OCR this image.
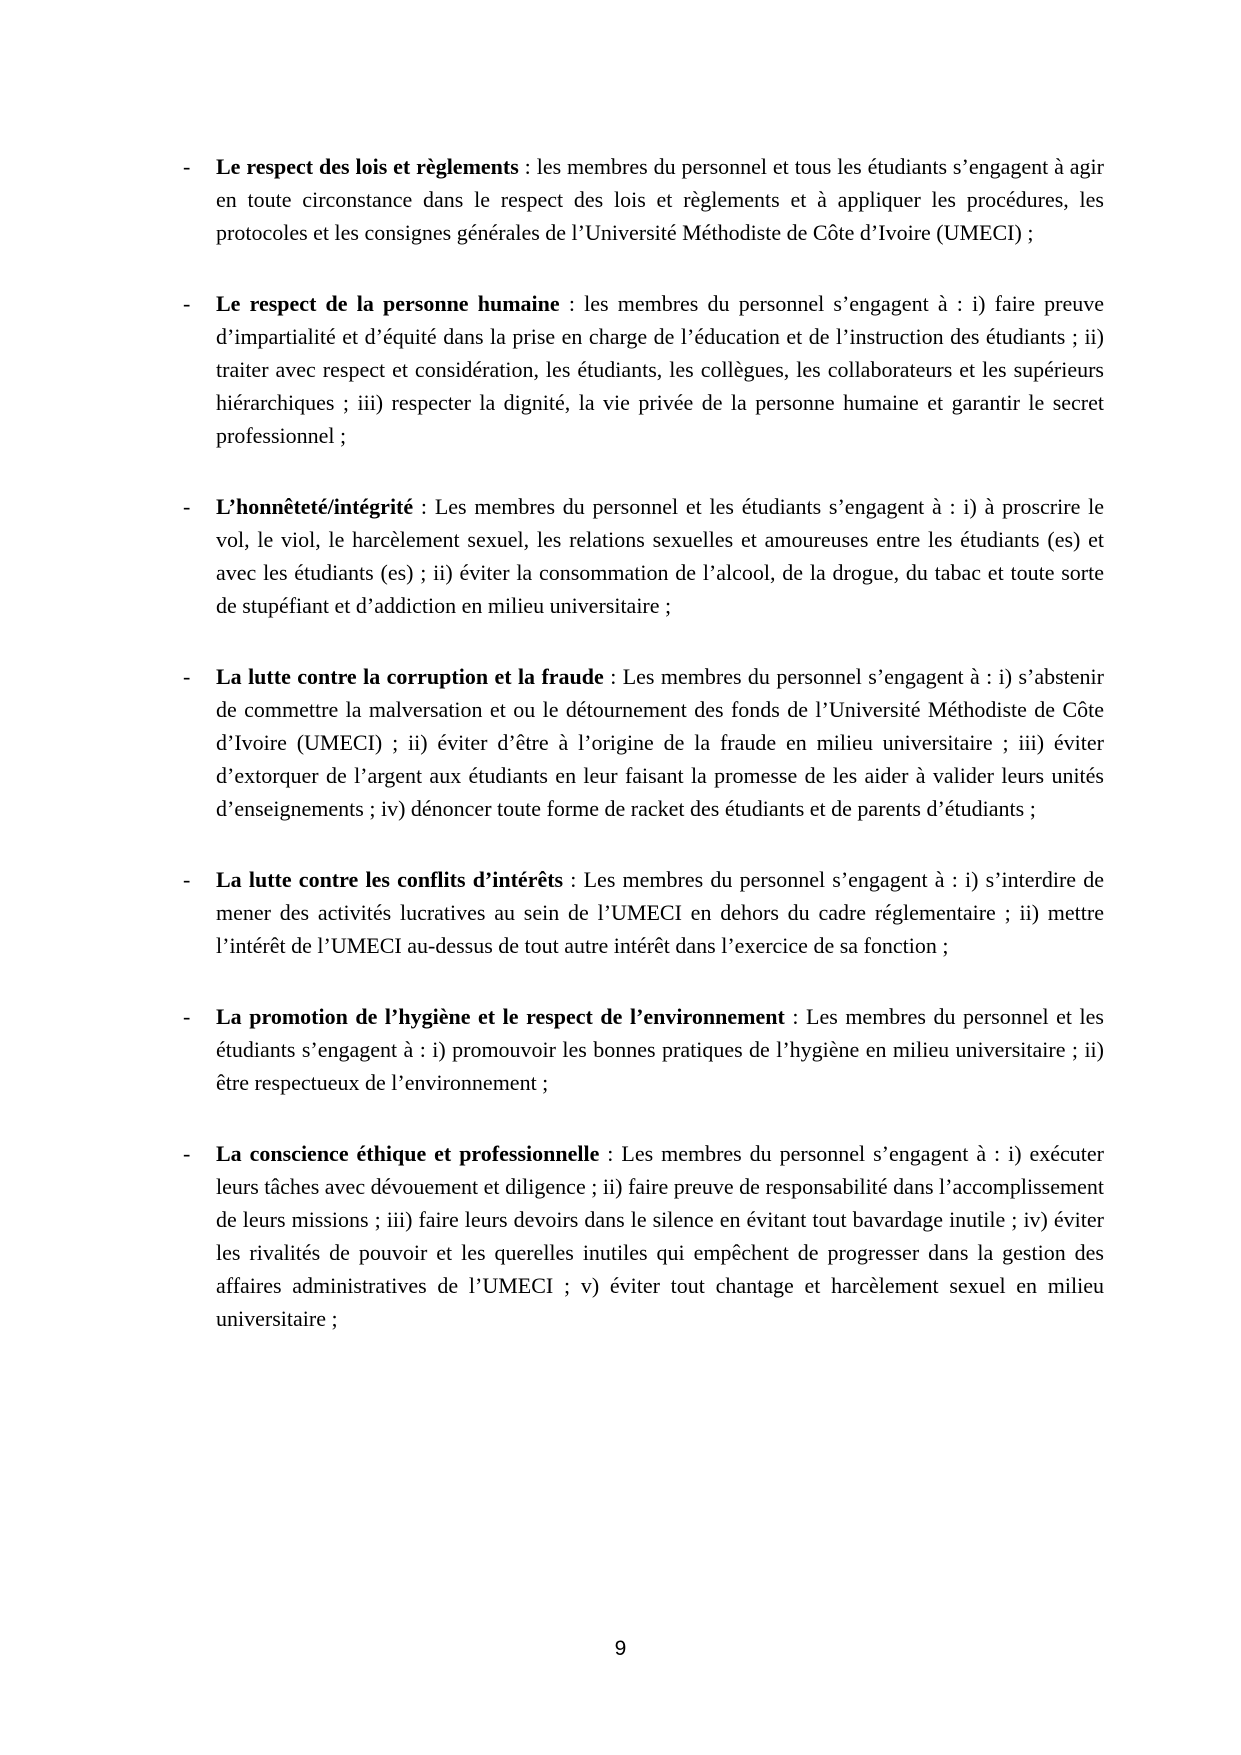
- Le respect des lois et règlements : les membres du personnel et tous les étudiants s’engagent à agir en toute circonstance dans le respect des lois et règlements et à appliquer les procédures, les protocoles et les consignes générales de l’Université Méthodiste de Côte d’Ivoire (UMECI) ;

- Le respect de la personne humaine : les membres du personnel s’engagent à : i) faire preuve d’impartialité et d’équité dans la prise en charge de l’éducation et de l’instruction des étudiants ; ii) traiter avec respect et considération, les étudiants, les collègues, les collaborateurs et les supérieurs hiérarchiques ; iii) respecter la dignité, la vie privée de la personne humaine et garantir le secret professionnel ;

- L’honnêteté/intégrité : Les membres du personnel et les étudiants s’engagent à : i) à proscrire le vol, le viol, le harcèlement sexuel, les relations sexuelles et amoureuses entre les étudiants (es) et avec les étudiants (es) ; ii) éviter la consommation de l’alcool, de la drogue, du tabac et toute sorte de stupéfiant et d’addiction en milieu universitaire ;

- La lutte contre la corruption et la fraude : Les membres du personnel s’engagent à : i) s’abstenir de commettre la malversation et ou le détournement des fonds de l’Université Méthodiste de Côte d’Ivoire (UMECI) ; ii) éviter d’être à l’origine de la fraude en milieu universitaire ; iii) éviter d’extorquer de l’argent aux étudiants en leur faisant la promesse de les aider à valider leurs unités d’enseignements ; iv) dénoncer toute forme de racket des étudiants et de parents d’étudiants ;

- La lutte contre les conflits d’intérêts : Les membres du personnel s’engagent à : i) s’interdire de mener des activités lucratives au sein de l’UMECI en dehors du cadre réglementaire ; ii) mettre l’intérêt de l’UMECI au-dessus de tout autre intérêt dans l’exercice de sa fonction ;

- La promotion de l’hygiène et le respect de l’environnement : Les membres du personnel et les étudiants s’engagent à : i) promouvoir les bonnes pratiques de l’hygiène en milieu universitaire ; ii) être respectueux de l’environnement ;

- La conscience éthique et professionnelle : Les membres du personnel s’engagent à : i) exécuter leurs tâches avec dévouement et diligence ; ii) faire preuve de responsabilité dans l’accomplissement de leurs missions ; iii) faire leurs devoirs dans le silence en évitant tout bavardage inutile ; iv) éviter les rivalités de pouvoir et les querelles inutiles qui empêchent de progresser dans la gestion des affaires administratives de l’UMECI ; v) éviter tout chantage et harcèlement sexuel en milieu universitaire ;

9
